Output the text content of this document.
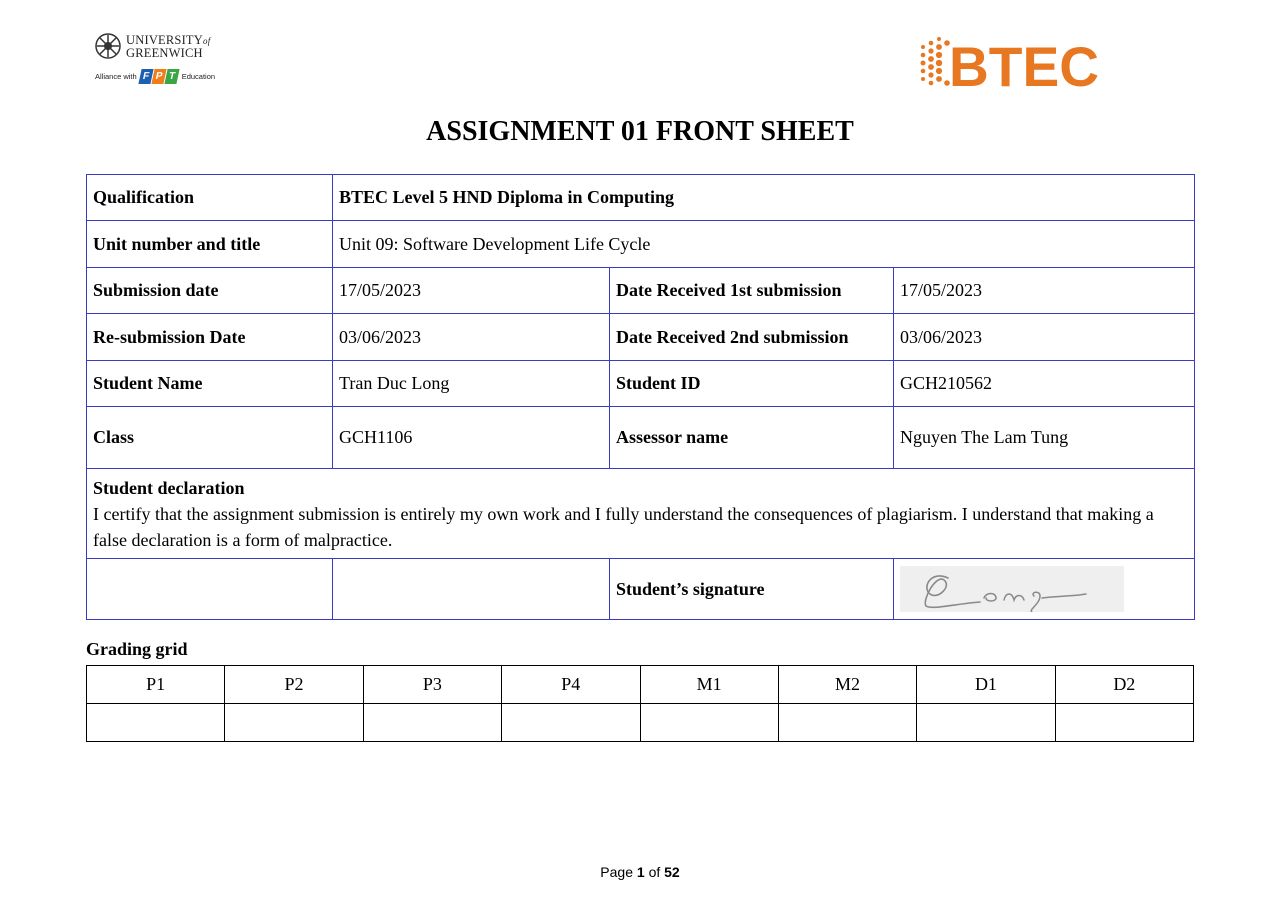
UNIVERSITYof
GREENWICH
Alliance with F P T Education	BTEC
ASSIGNMENT 01 FRONT SHEET
Qualification	BTEC Level 5 HND Diploma in Computing		
Unit number and title	Unit 09: Software Development Life Cycle		
Submission date	17/05/2023	Date Received 1st submission	17/05/2023
Re-submission Date	03/06/2023	Date Received 2nd submission	03/06/2023
Student Name	Tran Duc Long	Student ID	GCH210562
Class	GCH1106	Assessor name	Nguyen The Lam Tung

Student declaration
I certify that the assignment submission is entirely my own work and I fully understand the consequences of plagiarism. I understand that making a false declaration is a form of malpractice.			

		Student’s signature	
Grading grid
P1	P2	P3	P4	M1	M2	D1	D2

Page 1 of 52
